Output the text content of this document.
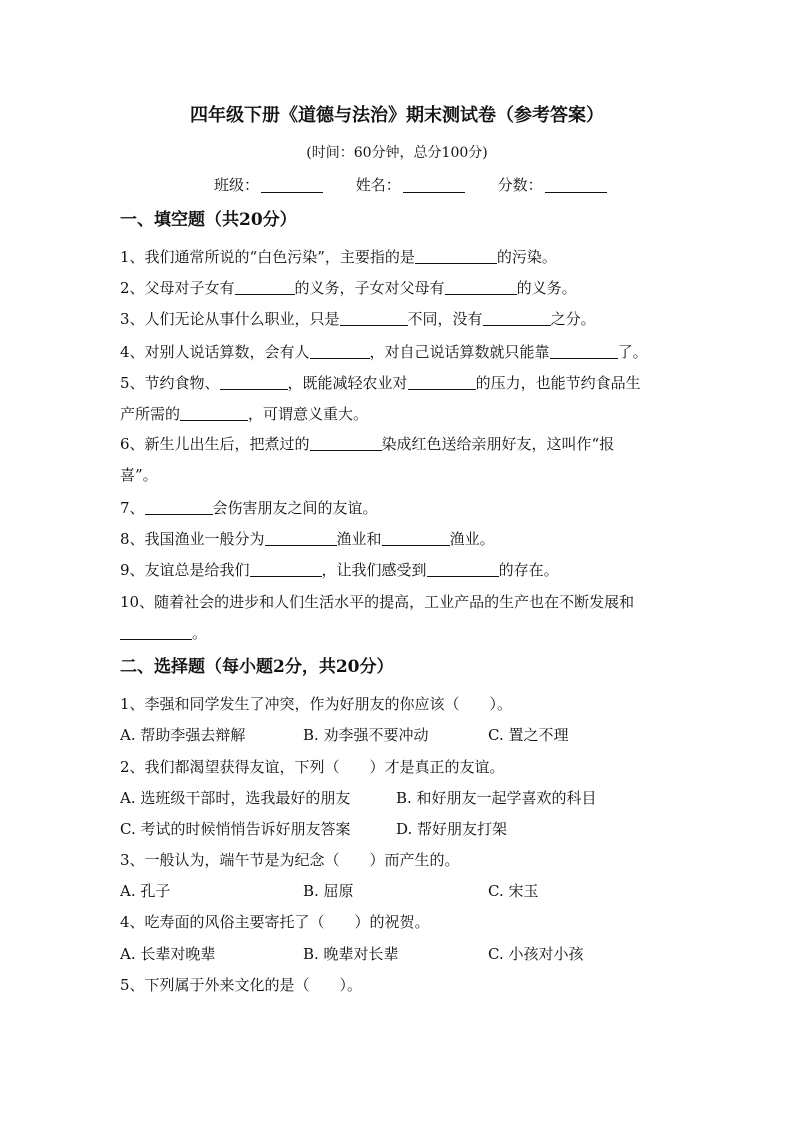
四年级下册《道德与法治》期末测试卷（参考答案）
(时间：60分钟，总分100分)
班级：	姓名：	分数：
一、填空题（共20分）
1、我们通常所说的“白色污染”，主要指的是	的污染。
2、父母对子女有	的义务，子女对父母有	的义务。
3、人们无论从事什么职业，只是	不同，没有	之分。
4、对别人说话算数，会有人	，对自己说话算数就只能靠	了。
5、节约食物、	，既能减轻农业对	的压力，也能节约食品生
产所需的	，可谓意义重大。
6、新生儿出生后，把煮过的	染成红色送给亲朋好友，这叫作“报
喜”。
7、	会伤害朋友之间的友谊。
8、我国渔业一般分为	渔业和	渔业。
9、友谊总是给我们	，让我们感受到	的存在。
10、随着社会的进步和人们生活水平的提高，工业产品的生产也在不断发展和
。
二、选择题（每小题2分，共20分）
1、李强和同学发生了冲突，作为好朋友的你应该（　　）。
A. 帮助李强去辩解	B. 劝李强不要冲动	C. 置之不理
2、我们都渴望获得友谊，下列（　　）才是真正的友谊。
A. 选班级干部时，选我最好的朋友	B. 和好朋友一起学喜欢的科目
C. 考试的时候悄悄告诉好朋友答案	D. 帮好朋友打架
3、一般认为，端午节是为纪念（　　）而产生的。
A. 孔子	B. 屈原	C. 宋玉
4、吃寿面的风俗主要寄托了（　　）的祝贺。
A. 长辈对晚辈	B. 晚辈对长辈	C. 小孩对小孩
5、下列属于外来文化的是（　　）。
